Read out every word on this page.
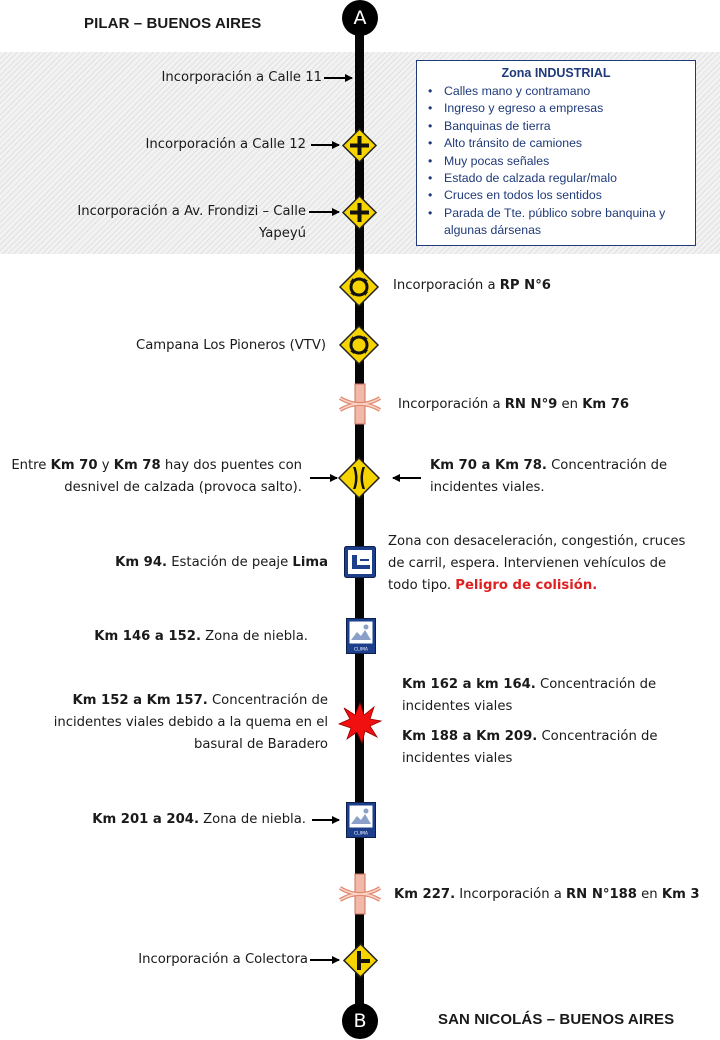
A
B
PILAR – BUENOS AIRES
SAN NICOLÁS – BUENOS AIRES
Zona INDUSTRIAL
• Calles mano y contramano
• Ingreso y egreso a empresas
• Banquinas de tierra
• Alto tránsito de camiones
• Muy pocas señales
• Estado de calzada regular/malo
• Cruces en todos los sentidos
• Parada de Tte. público sobre banquina y
algunas dársenas
CLIMA
CLIMA
Incorporación a Calle 11
Incorporación a Calle 12
Incorporación a Av. Frondizi – Calle
Yapeyú
Incorporación a RP N°6
Campana Los Pioneros (VTV)
Incorporación a RN N°9 en Km 76
Entre Km 70 y Km 78 hay dos puentes con
desnivel de calzada (provoca salto).
Km 70 a Km 78. Concentración de
incidentes viales.
Km 94. Estación de peaje Lima
Zona con desaceleración, congestión, cruces
de carril, espera. Intervienen vehículos de
todo tipo. Peligro de colisión.
Km 146 a 152. Zona de niebla.
Km 152 a Km 157. Concentración de
incidentes viales debido a la quema en el
basural de Baradero
Km 162 a km 164. Concentración de
incidentes viales
Km 188 a Km 209. Concentración de
incidentes viales
Km 201 a 204. Zona de niebla.
Km 227. Incorporación a RN N°188 en Km 3
Incorporación a Colectora
